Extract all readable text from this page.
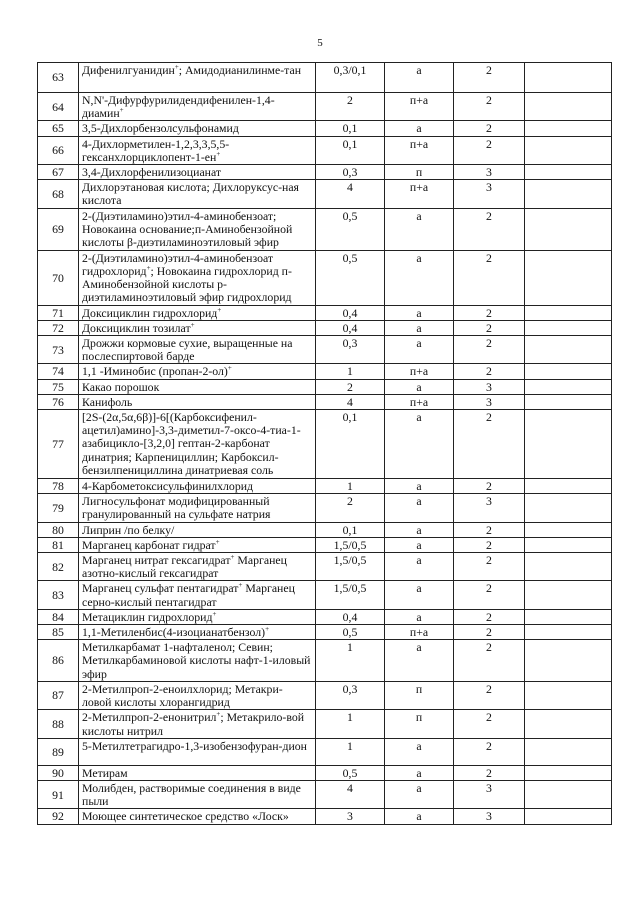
5
63	Дифенилгуанидин+; Амидодианилинме-тан	0,3/0,1	а	2	
64	N,N'-Дифурфурилидендифенилен-1,4-диамин+	2	п+а	2	
65	3,5-Дихлорбензолсульфонамид	0,1	а	2	
66	4-Дихлорметилен-1,2,3,3,5,5-гексанхлорциклопент-1-ен+	0,1	п+а	2	
67	3,4-Дихлорфенилизоцианат	0,3	п	3	
68	Дихлорэтановая кислота; Дихлоруксус-ная кислота	4	п+а	3	
69	2-(Диэтиламино)этил-4-аминобензоат; Новокаина основание;п-Аминобензойной кислоты β-диэтиламиноэтиловый эфир	0,5	а	2	
70	2-(Диэтиламино)этил-4-аминобензоат гидрохлорид+; Новокаина гидрохлорид п-Аминобензойной кислоты р-диэтиламиноэтиловый эфир гидрохлорид	0,5	а	2	
71	Доксициклин гидрохлорид+	0,4	а	2	
72	Доксициклин тозилат+	0,4	а	2	
73	Дрожжи кормовые сухие, выращенные на послеспиртовой барде	0,3	а	2	
74	1,1 -Иминобис (пропан-2-ол)+	1	п+а	2	
75	Какао порошок	2	а	3	
76	Канифоль	4	п+а	3	
77	[2S-(2α,5α,6β)]-6[(Карбоксифенил-ацетил)амино]-3,3-диметил-7-оксо-4-тиа-1-азабицикло-[3,2,0] гептан-2-карбонат динатрия; Карпенициллин; Карбоксил-бензилпенициллина динатриевая соль	0,1	а	2	
78	4-Карбометоксисульфинилхлорид	1	а	2	
79	Лигносульфонат модифицированный гранулированный на сульфате натрия	2	а	3	
80	Липрин /по белку/	0,1	а	2	
81	Марганец карбонат гидрат+	1,5/0,5	а	2	
82	Марганец нитрат гексагидрат+ Марганец азотно-кислый гексагидрат	1,5/0,5	а	2	
83	Марганец сульфат пентагидрат+ Марганец серно-кислый пентагидрат	1,5/0,5	а	2	
84	Метациклин гидрохлорид+	0,4	а	2	
85	1,1-Метиленбис(4-изоцианатбензол)+	0,5	п+а	2	
86	Метилкарбамат 1-нафталенол; Севин; Метилкарбаминовой кислоты нафт-1-иловый эфир	1	а	2	
87	2-Метилпроп-2-еноилхлорид; Метакри-ловой кислоты хлорангидрид	0,3	п	2	
88	2-Метилпроп-2-енонитрил+; Метакрило-вой кислоты нитрил	1	п	2	
89	5-Метилтетрагидро-1,3-изобензофуран-дион	1	а	2	
90	Метирам	0,5	а	2	
91	Молибден, растворимые соединения в виде пыли	4	а	3	
92	Моющее синтетическое средство «Лоск»	3	а	3	
